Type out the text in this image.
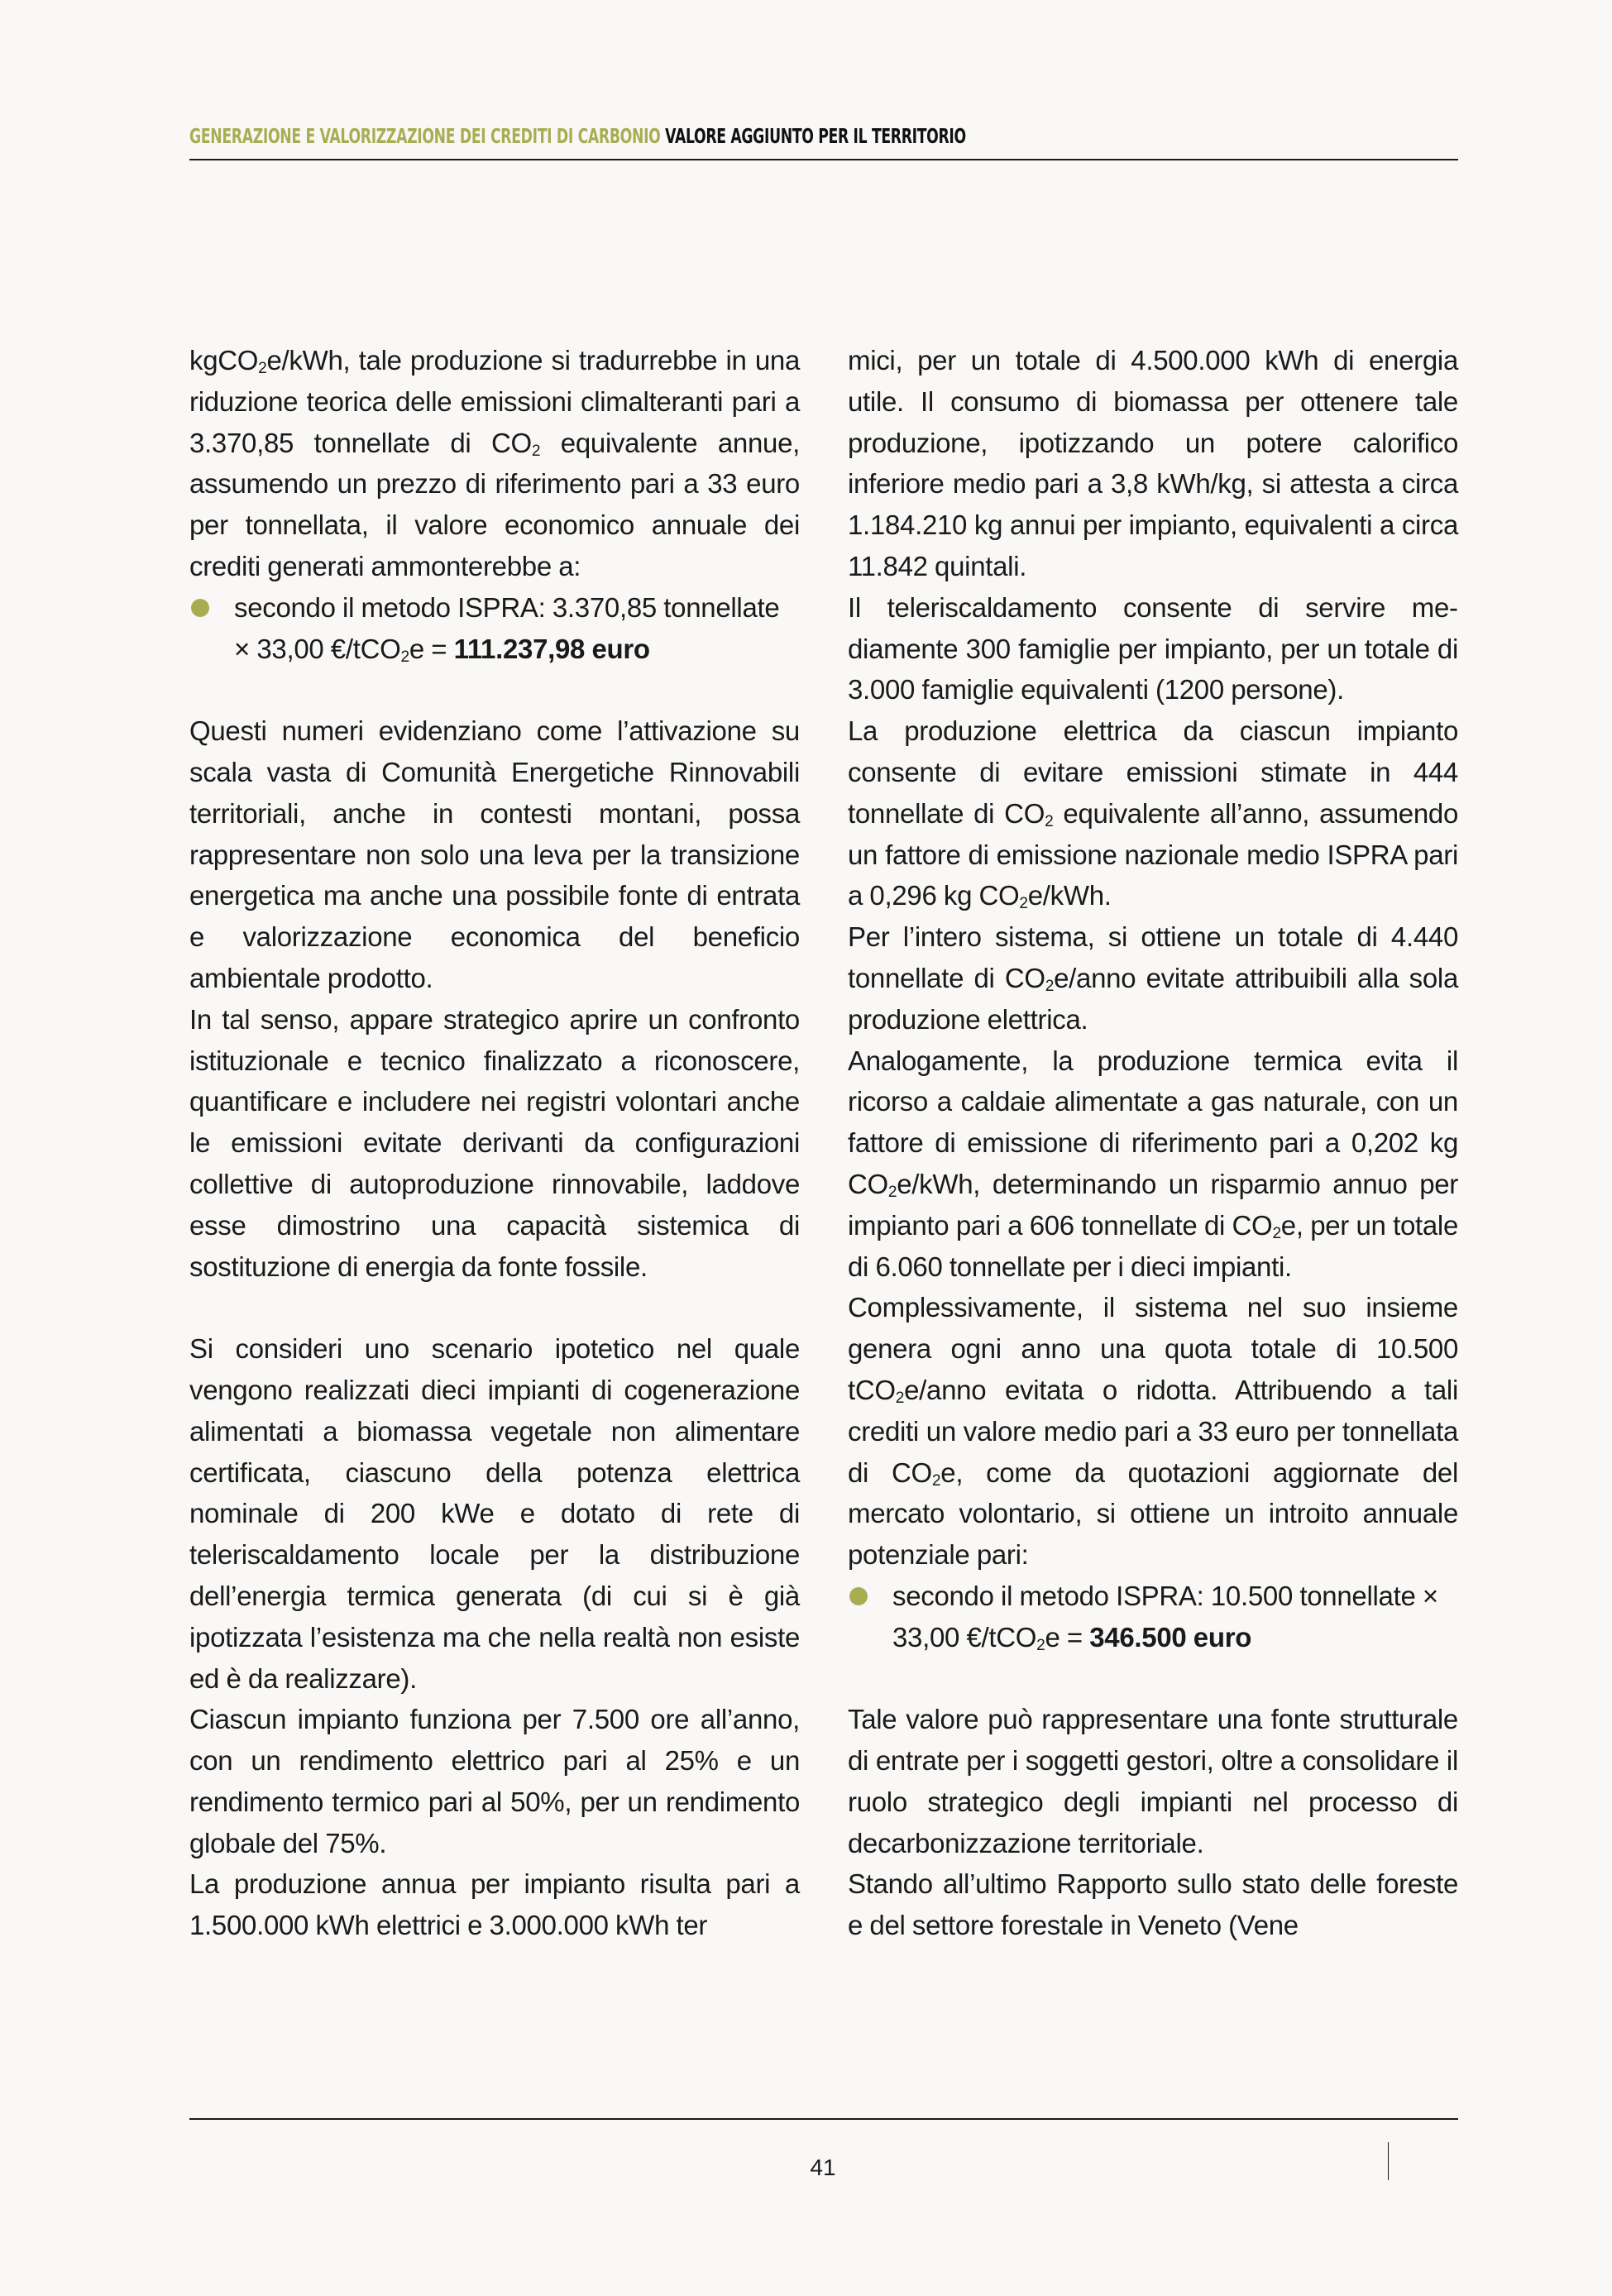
GENERAZIONE E VALORIZZAZIONE DEI CREDITI DI CARBONIO VALORE AGGIUNTO PER IL TERRITORIO

kgCO$_2$e/kWh, tale produzione si tradurrebbe in una riduzione teorica delle emissioni climalteranti pari a 3.370,85 tonnellate di $CO_2$ equivalente annue, assumendo un prezzo di riferimento pari a 33 euro per tonnellata, il valore economico annuale dei crediti generati ammonterebbe a:

secondo il metodo ISPRA: 3.370,85 tonnellate × 33,00 €/tCO$_2$e = 111.237,98 euro

Questi numeri evidenziano come l’attivazione su scala vasta di Comunità Energetiche Rinnovabili territoriali, anche in contesti montani, possa rappresentare non solo una leva per la transizione energetica ma anche una possibile fonte di entrata e valorizzazione economica del beneficio ambientale prodotto.

In tal senso, appare strategico aprire un confronto istituzionale e tecnico finalizzato a riconoscere, quantificare e includere nei registri volontari anche le emissioni evitate derivanti da configurazioni collettive di autoproduzione rinnovabile, laddove esse dimostrino una capacità sistemica di sostituzione di energia da fonte fossile.

Si consideri uno scenario ipotetico nel quale vengono realizzati dieci impianti di cogenerazione alimentati a biomassa vegetale non alimentare certificata, ciascuno della potenza elettrica nominale di 200 kWe e dotato di rete di teleriscaldamento locale per la distribuzione dell’energia termica generata (di cui si è già ipotizzata l’esistenza ma che nella realtà non esiste ed è da realizzare).

Ciascun impianto funziona per 7.500 ore all’anno, con un rendimento elettrico pari al 25% e un rendimento termico pari al 50%, per un rendimento globale del 75%.

La produzione annua per impianto risulta pari a 1.500.000 kWh elettrici e 3.000.000 kWh ter

mici, per un totale di 4.500.000 kWh di energia utile. Il consumo di biomassa per ottenere tale produzione, ipotizzando un potere calorifico inferiore medio pari a 3,8 kWh/kg, si attesta a circa 1.184.210 kg annui per impianto, equivalenti a circa 11.842 quintali.

Il teleriscaldamento consente di servire mediamente 300 famiglie per impianto, per un totale di 3.000 famiglie equivalenti (1200 persone).

La produzione elettrica da ciascun impianto consente di evitare emissioni stimate in 444 tonnellate di $CO_2$ equivalente all’anno, assumendo un fattore di emissione nazionale medio ISPRA pari a 0,296 kg $CO_2e$/kWh.

Per l’intero sistema, si ottiene un totale di 4.440 tonnellate di $CO_2e$/anno evitate attribuibili alla sola produzione elettrica.

Analogamente, la produzione termica evita il ricorso a caldaie alimentate a gas naturale, con un fattore di emissione di riferimento pari a 0,202 kg $CO_2e$/kWh, determinando un risparmio annuo per impianto pari a 606 tonnellate di $CO_2e$, per un totale di 6.060 tonnellate per i dieci impianti.

Complessivamente, il sistema nel suo insieme genera ogni anno una quota totale di 10.500 tCO$_2$e/anno evitata o ridotta. Attribuendo a tali crediti un valore medio pari a 33 euro per tonnellata di $CO_2e$, come da quotazioni aggiornate del mercato volontario, si ottiene un introito annuale potenziale pari:

secondo il metodo ISPRA: 10.500 tonnellate × 33,00 €/tCO$_2$e = 346.500 euro

Tale valore può rappresentare una fonte strutturale di entrate per i soggetti gestori, oltre a consolidare il ruolo strategico degli impianti nel processo di decarbonizzazione territoriale.

Stando all’ultimo Rapporto sullo stato delle foreste e del settore forestale in Veneto (Vene

41
